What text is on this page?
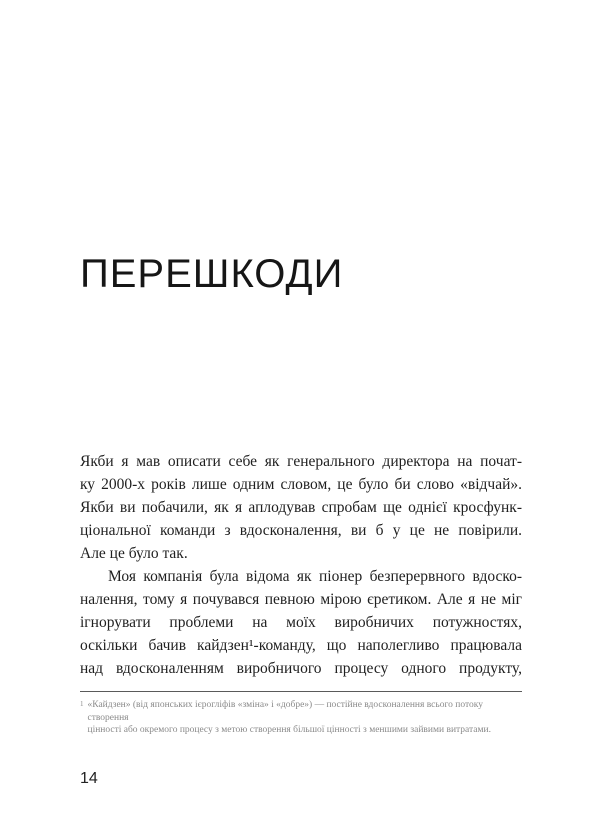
ПЕРЕШКОДИ
Якби я мав описати себе як генерального директора на почат-
ку 2000-х років лише одним словом, це було би слово «відчай».
Якби ви побачили, як я аплодував спробам ще однієї кросфунк-
ціональної команди з вдосконалення, ви б у це не повірили.
Але це було так.
Моя компанія була відома як піонер безперервного вдоско-
налення, тому я почувався певною мірою єретиком. Але я не міг
ігнорувати проблеми на моїх виробничих потужностях,
оскільки бачив кайдзен¹-команду, що наполегливо працювала
над вдосконаленням виробничого процесу одного продукту,
1 «Кайдзен» (від японських ієрогліфів «зміна» і «добре») — постійне вдосконалення всього потоку створення
цінності або окремого процесу з метою створення більшої цінності з меншими зайвими витратами.
14
